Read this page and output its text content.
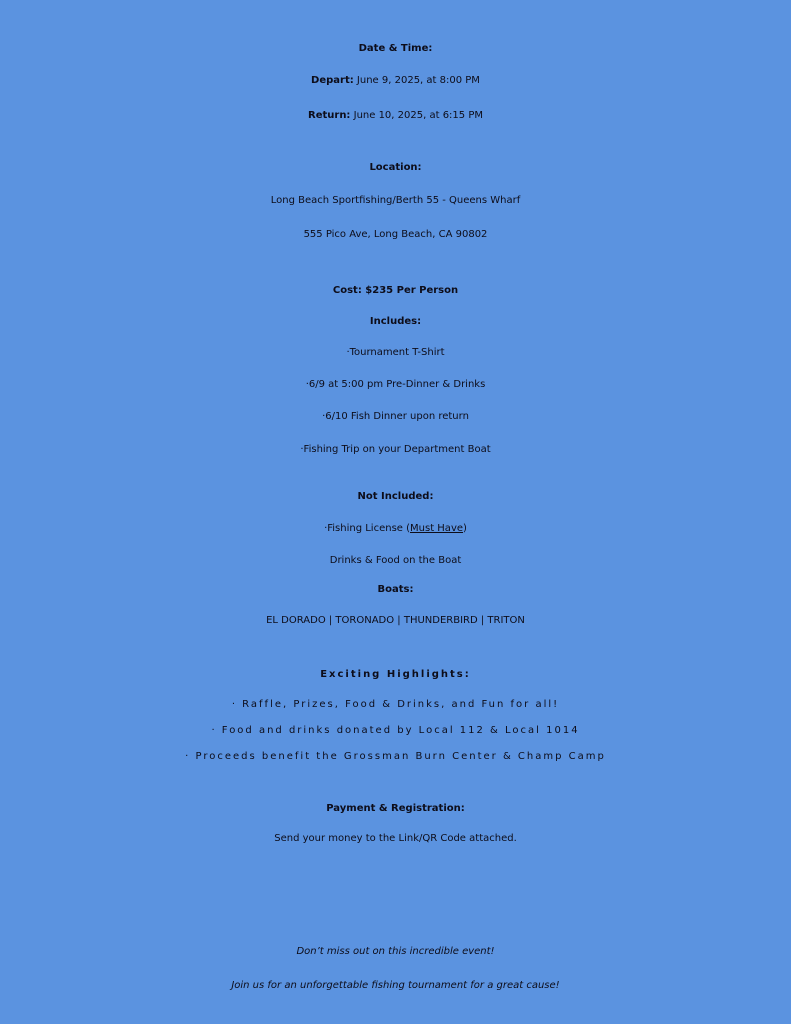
Date & Time:
Depart: June 9, 2025, at 8:00 PM
Return: June 10, 2025, at 6:15 PM
Location:
Long Beach Sportfishing/Berth 55 - Queens Wharf
555 Pico Ave, Long Beach, CA 90802
Cost: $235 Per Person
Includes:
·Tournament T-Shirt
·6/9 at 5:00 pm Pre-Dinner & Drinks
·6/10 Fish Dinner upon return
·Fishing Trip on your Department Boat
Not Included:
·Fishing License (Must Have)
Drinks & Food on the Boat
Boats:
EL DORADO | TORONADO | THUNDERBIRD | TRITON
Exciting Highlights:
· Raffle, Prizes, Food & Drinks, and Fun for all!
· Food and drinks donated by Local 112 & Local 1014
· Proceeds benefit the Grossman Burn Center & Champ Camp
Payment & Registration:
Send your money to the Link/QR Code attached.
Don’t miss out on this incredible event!
Join us for an unforgettable fishing tournament for a great cause!
